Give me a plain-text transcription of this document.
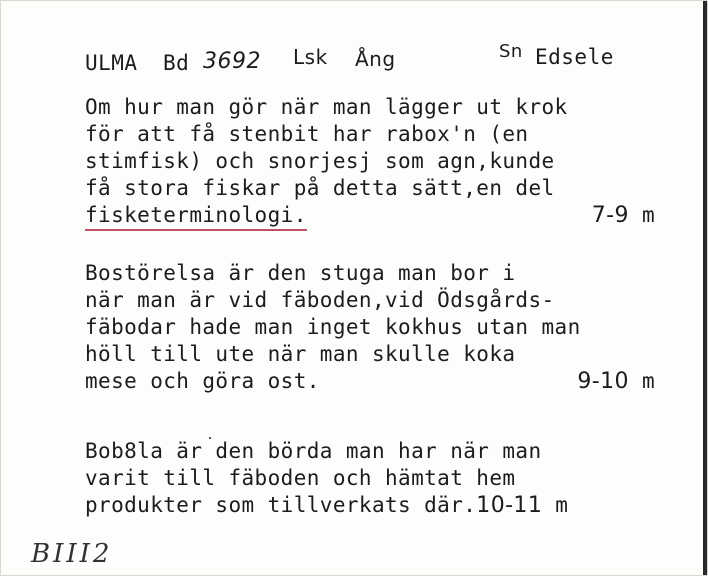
ULMA Bd 3692 Lsk Ång	Sn Edsele
Om hur man gör när man lägger ut krok
för att få stenbit har rabox'n (en
stimfisk) och snorjesj som agn,kunde
få stora fiskar på detta sätt,en del
fisketerminologi.	7-9 m
Bostörelsa är den stuga man bor i
när man är vid fäboden,vid Ödsgårds-
fäbodar hade man inget kokhus utan man
höll till ute när man skulle koka
mese och göra ost.	9-10 m
Bob8la är den börda man har när man
varit till fäboden och hämtat hem
produkter som tillverkats där.10-11 m
BIII2
